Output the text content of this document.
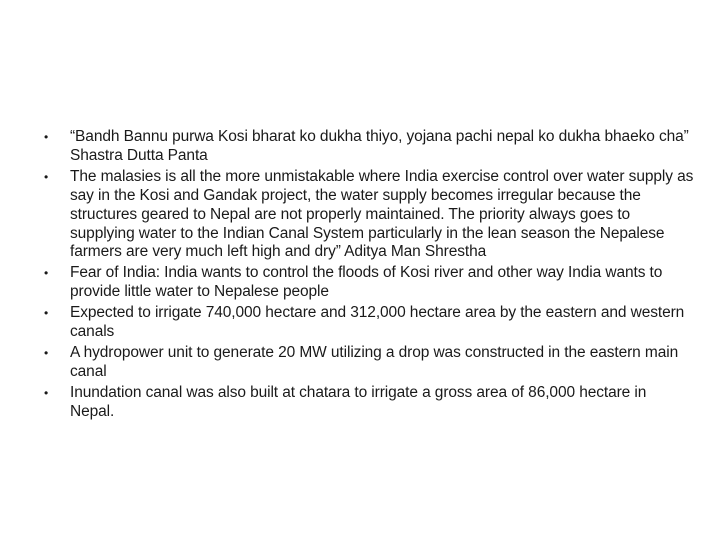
•	“Bandh Bannu purwa Kosi bharat ko dukha thiyo, yojana pachi nepal ko dukha bhaeko cha” Shastra Dutta Panta
•	The malasies is all the more unmistakable where India exercise control over water supply as say in the Kosi and Gandak project, the water supply becomes irregular because the structures geared to Nepal are not properly maintained. The priority always goes to supplying water to the Indian Canal System particularly in the lean season the Nepalese farmers are very much left high and dry” Aditya Man Shrestha
•	Fear of India: India wants to control the floods of Kosi river and other way India wants to provide little water to Nepalese people
•	Expected to irrigate 740,000 hectare and 312,000 hectare area by the eastern and western canals
•	A hydropower unit to generate 20 MW utilizing a drop was constructed in the eastern main canal
•	Inundation canal was also built at chatara to irrigate a gross area of 86,000 hectare in Nepal.
